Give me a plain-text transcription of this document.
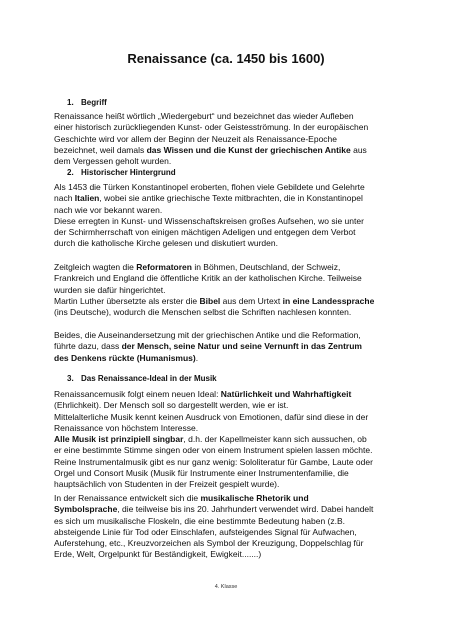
Renaissance (ca. 1450 bis 1600)
1. Begriff
Renaissance heißt wörtlich „Wiedergeburt“ und bezeichnet das wieder Aufleben
einer historisch zurückliegenden Kunst- oder Geistesströmung. In der europäischen
Geschichte wird vor allem der Beginn der Neuzeit als Renaissance-Epoche
bezeichnet, weil damals das Wissen und die Kunst der griechischen Antike aus
dem Vergessen geholt wurden.
2. Historischer Hintergrund
Als 1453 die Türken Konstantinopel eroberten, flohen viele Gebildete und Gelehrte
nach Italien, wobei sie antike griechische Texte mitbrachten, die in Konstantinopel
nach wie vor bekannt waren.
Diese erregten in Kunst- und Wissenschaftskreisen großes Aufsehen, wo sie unter
der Schirmherrschaft von einigen mächtigen Adeligen und entgegen dem Verbot
durch die katholische Kirche gelesen und diskutiert wurden.
Zeitgleich wagten die Reformatoren in Böhmen, Deutschland, der Schweiz,
Frankreich und England die öffentliche Kritik an der katholischen Kirche. Teilweise
wurden sie dafür hingerichtet.
Martin Luther übersetzte als erster die Bibel aus dem Urtext in eine Landessprache
(ins Deutsche), wodurch die Menschen selbst die Schriften nachlesen konnten.
Beides, die Auseinandersetzung mit der griechischen Antike und die Reformation,
führte dazu, dass der Mensch, seine Natur und seine Vernunft in das Zentrum
des Denkens rückte (Humanismus).
3. Das Renaissance-Ideal in der Musik
Renaissancemusik folgt einem neuen Ideal: Natürlichkeit und Wahrhaftigkeit
(Ehrlichkeit). Der Mensch soll so dargestellt werden, wie er ist.
Mittelalterliche Musik kennt keinen Ausdruck von Emotionen, dafür sind diese in der
Renaissance von höchstem Interesse.
Alle Musik ist prinzipiell singbar, d.h. der Kapellmeister kann sich aussuchen, ob
er eine bestimmte Stimme singen oder von einem Instrument spielen lassen möchte.
Reine Instrumentalmusik gibt es nur ganz wenig: Sololiteratur für Gambe, Laute oder
Orgel und Consort Musik (Musik für Instrumente einer Instrumentenfamilie, die
hauptsächlich von Studenten in der Freizeit gespielt wurde).
In der Renaissance entwickelt sich die musikalische Rhetorik und
Symbolsprache, die teilweise bis ins 20. Jahrhundert verwendet wird. Dabei handelt
es sich um musikalische Floskeln, die eine bestimmte Bedeutung haben (z.B.
absteigende Linie für Tod oder Einschlafen, aufsteigendes Signal für Aufwachen,
Auferstehung, etc., Kreuzvorzeichen als Symbol der Kreuzigung, Doppelschlag für
Erde, Welt, Orgelpunkt für Beständigkeit, Ewigkeit.......)
4. Klasse
